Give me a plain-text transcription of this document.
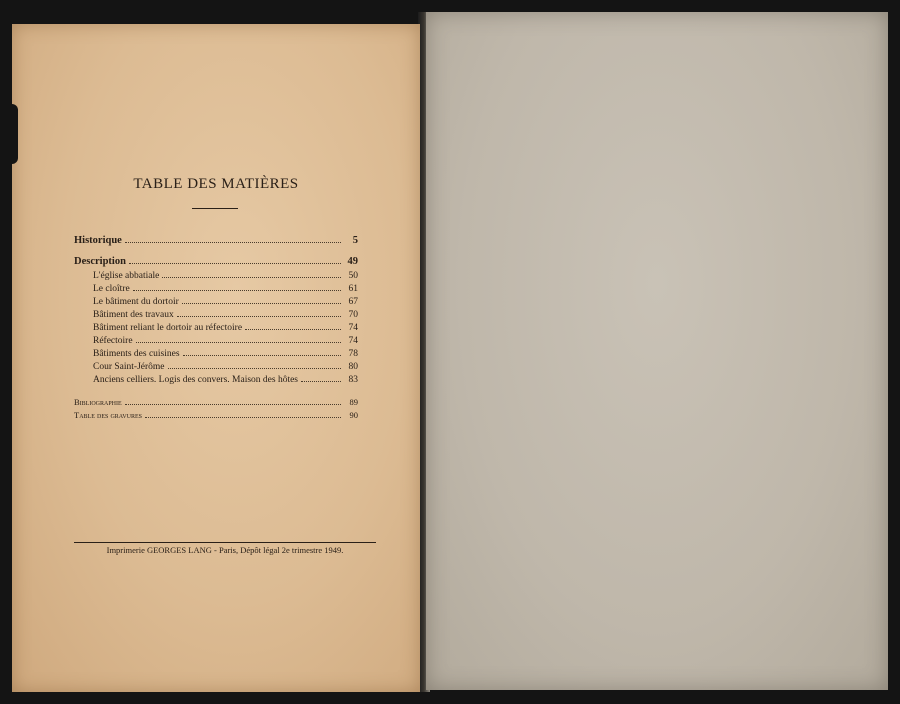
TABLE DES MATIÈRES
Historique	5
Description	49
L'église abbatiale	50
Le cloître	61
Le bâtiment du dortoir	67
Bâtiment des travaux	70
Bâtiment reliant le dortoir au réfectoire	74
Réfectoire	74
Bâtiments des cuisines	78
Cour Saint-Jérôme	80
Anciens celliers. Logis des convers. Maison des hôtes	83
Bibliographie	89
Table des gravures	90
Imprimerie GEORGES LANG - Paris, Dépôt légal 2e trimestre 1949.
